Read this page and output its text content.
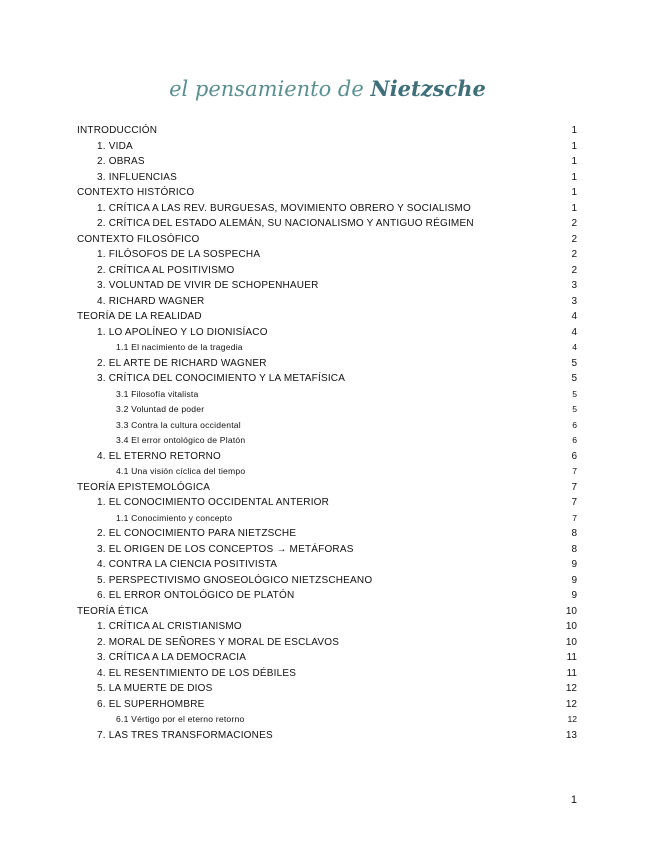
el pensamiento de Nietzsche
INTRODUCCIÓN	1
1. VIDA	1
2. OBRAS	1
3. INFLUENCIAS	1
CONTEXTO HISTÓRICO	1
1. CRÍTICA A LAS REV. BURGUESAS, MOVIMIENTO OBRERO Y SOCIALISMO	1
2. CRÍTICA DEL ESTADO ALEMÁN, SU NACIONALISMO Y ANTIGUO RÉGIMEN	2
CONTEXTO FILOSÓFICO	2
1. FILÓSOFOS DE LA SOSPECHA	2
2. CRÍTICA AL POSITIVISMO	2
3. VOLUNTAD DE VIVIR DE SCHOPENHAUER	3
4. RICHARD WAGNER	3
TEORÍA DE LA REALIDAD	4
1. LO APOLÍNEO Y LO DIONISÍACO	4
1.1 El nacimiento de la tragedia	4
2. EL ARTE DE RICHARD WAGNER	5
3. CRÍTICA DEL CONOCIMIENTO Y LA METAFÍSICA	5
3.1 Filosofía vitalista	5
3.2 Voluntad de poder	5
3.3 Contra la cultura occidental	6
3.4 El error ontológico de Platón	6
4. EL ETERNO RETORNO	6
4.1 Una visión cíclica del tiempo	7
TEORÍA EPISTEMOLÓGICA	7
1. EL CONOCIMIENTO OCCIDENTAL ANTERIOR	7
1.1 Conocimiento y concepto	7
2. EL CONOCIMIENTO PARA NIETZSCHE	8
3. EL ORIGEN DE LOS CONCEPTOS → METÁFORAS	8
4. CONTRA LA CIENCIA POSITIVISTA	9
5. PERSPECTIVISMO GNOSEOLÓGICO NIETZSCHEANO	9
6. EL ERROR ONTOLÓGICO DE PLATÓN	9
TEORÍA ÉTICA	10
1. CRÍTICA AL CRISTIANISMO	10
2. MORAL DE SEÑORES Y MORAL DE ESCLAVOS	10
3. CRÍTICA A LA DEMOCRACIA	11
4. EL RESENTIMIENTO DE LOS DÉBILES	11
5. LA MUERTE DE DIOS	12
6. EL SUPERHOMBRE	12
6.1 Vértigo por el eterno retorno	12
7. LAS TRES TRANSFORMACIONES	13
1
